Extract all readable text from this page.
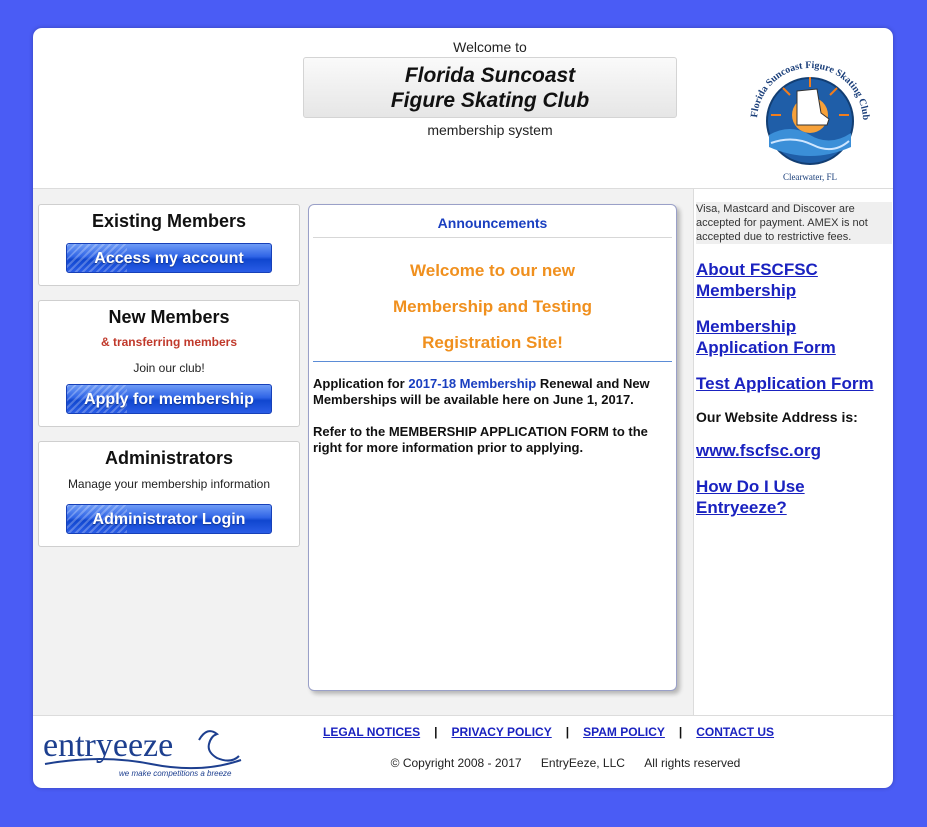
Welcome to
Florida Suncoast
Figure Skating Club
membership system
Florida Suncoast Figure Skating Club
Clearwater, FL
Existing Members
Access my account
New Members
& transferring members
Join our club!
Apply for membership
Administrators
Manage your membership information
Administrator Login
Announcements
Welcome to our new
Membership and Testing
Registration Site!

Application for 2017-18 Membership Renewal and New Memberships will be available here on June 1, 2017.

Refer to the MEMBERSHIP APPLICATION FORM to the right for more information prior to applying.

Visa, Mastcard and Discover are accepted for payment. AMEX is not accepted due to restrictive fees.
About FSCFSC Membership
Membership Application Form
Test Application Form
Our Website Address is:
www.fscfsc.org
How Do I Use Entryeeze?
entryeeze
we make competitions a breeze
LEGAL NOTICES | PRIVACY POLICY | SPAM POLICY | CONTACT US
© Copyright 2008 - 2017 EntryEeze, LLC All rights reserved
